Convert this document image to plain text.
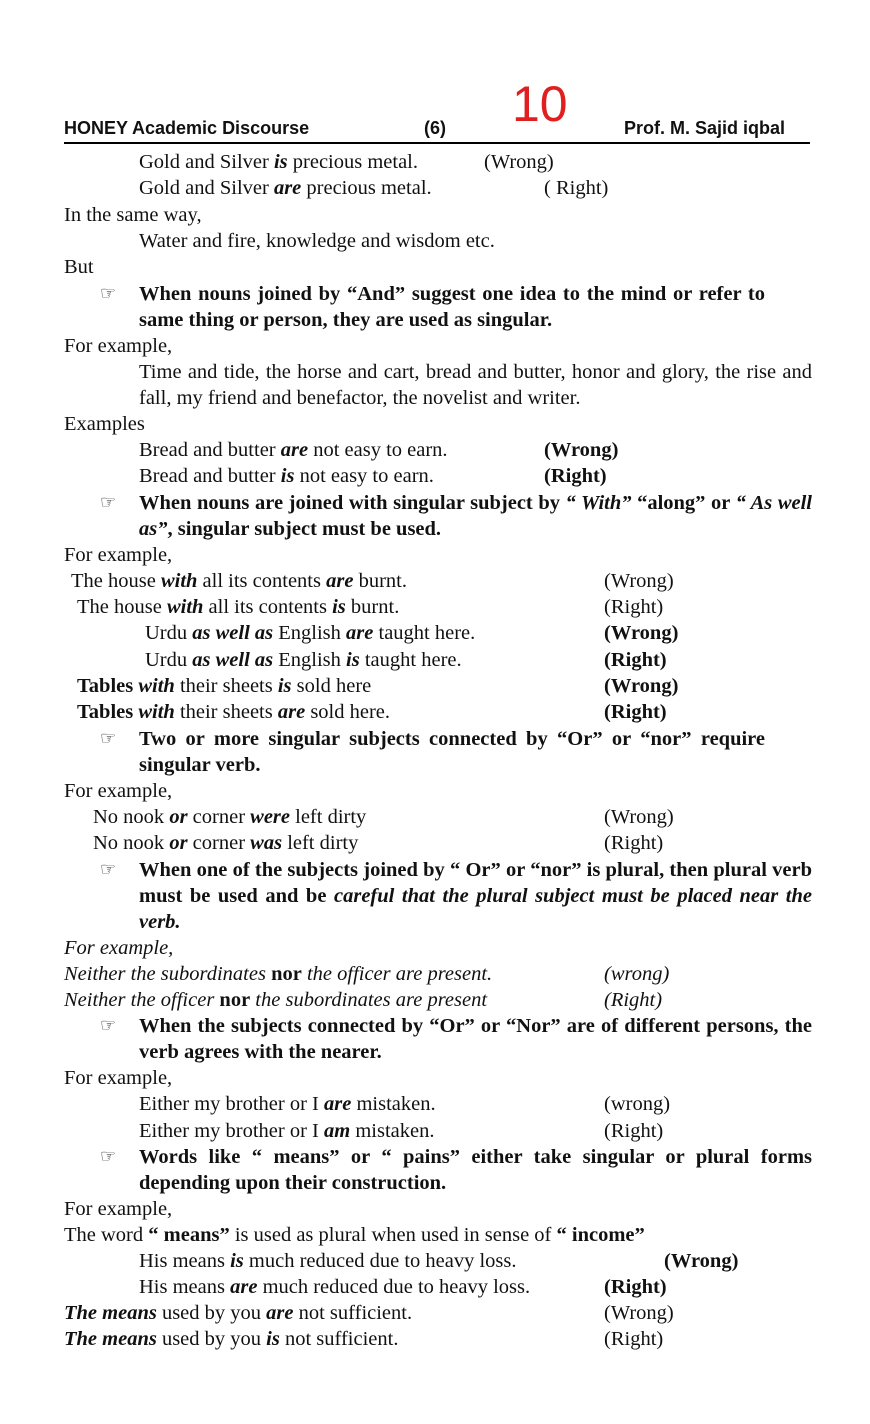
10
HONEY Academic Discourse	(6)	Prof. M. Sajid iqbal
Gold and Silver is precious metal.	(Wrong)
Gold and Silver are precious metal.	( Right)
In the same way,
Water and fire, knowledge and wisdom etc.
But
☞ When nouns joined by “And” suggest one idea to the mind or refer to same thing or person, they are used as singular.
For example,
Time and tide, the horse and cart, bread and butter, honor and glory, the rise and fall, my friend and benefactor, the novelist and writer.
Examples
Bread and butter are not easy to earn.	(Wrong)
Bread and butter is not easy to earn.	(Right)
☞ When nouns are joined with singular subject by “ With” “along” or “ As well as”, singular subject must be used.
For example,
The house with all its contents are burnt.	(Wrong)
The house with all its contents is burnt.	(Right)
Urdu as well as English are taught here.	(Wrong)
Urdu as well as English is taught here.	(Right)
Tables with their sheets is sold here	(Wrong)
Tables with their sheets are sold here.	(Right)
☞ Two or more singular subjects connected by “Or” or “nor” require singular verb.
For example,
No nook or corner were left dirty	(Wrong)
No nook or corner was left dirty	(Right)
☞ When one of the subjects joined by “ Or” or “nor” is plural, then plural verb must be used and be careful that the plural subject must be placed near the verb.
For example,
Neither the subordinates nor the officer are present.	(wrong)
Neither the officer nor the subordinates are present	(Right)
☞ When the subjects connected by “Or” or “Nor” are of different persons, the verb agrees with the nearer.
For example,
Either my brother or I are mistaken.	(wrong)
Either my brother or I am mistaken.	(Right)
☞ Words like “ means” or “ pains” either take singular or plural forms depending upon their construction.
For example,
The word “ means” is used as plural when used in sense of “ income”
His means is much reduced due to heavy loss.	(Wrong)
His means are much reduced due to heavy loss.	(Right)
The means used by you are not sufficient.	(Wrong)
The means used by you is not sufficient.	(Right)
